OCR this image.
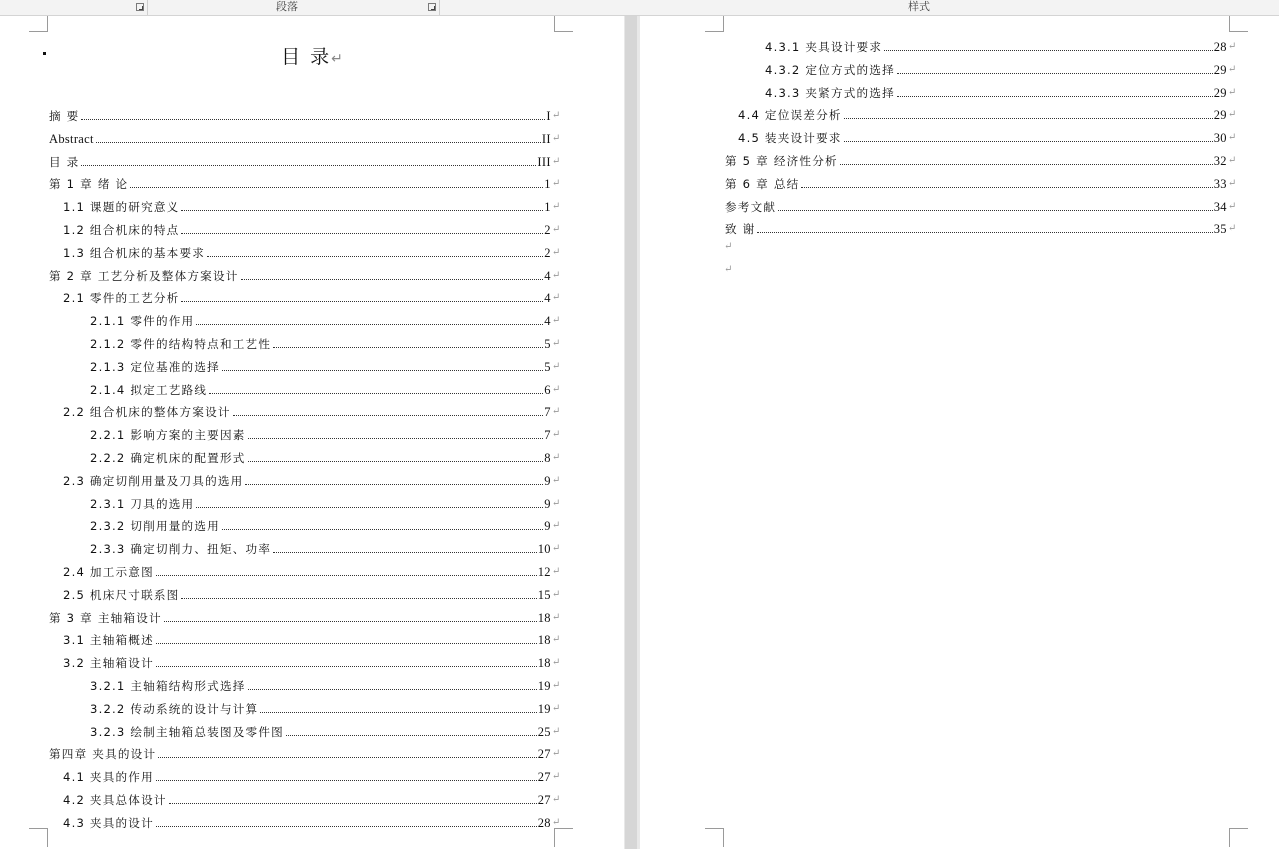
段落	样式
目 录↵
摘 要	I ↵
Abstract	II ↵
目 录	III ↵
第 1 章 绪 论	1 ↵
1.1 课题的研究意义	1 ↵
1.2 组合机床的特点	2 ↵
1.3 组合机床的基本要求	2 ↵
第 2 章 工艺分析及整体方案设计	4 ↵
2.1 零件的工艺分析	4 ↵
2.1.1 零件的作用	4 ↵
2.1.2 零件的结构特点和工艺性	5 ↵
2.1.3 定位基准的选择	5 ↵
2.1.4 拟定工艺路线	6 ↵
2.2 组合机床的整体方案设计	7 ↵
2.2.1 影响方案的主要因素	7 ↵
2.2.2 确定机床的配置形式	8 ↵
2.3 确定切削用量及刀具的选用	9 ↵
2.3.1 刀具的选用	9 ↵
2.3.2 切削用量的选用	9 ↵
2.3.3 确定切削力、扭矩、功率	10 ↵
2.4 加工示意图	12 ↵
2.5 机床尺寸联系图	15 ↵
第 3 章 主轴箱设计	18 ↵
3.1 主轴箱概述	18 ↵
3.2 主轴箱设计	18 ↵
3.2.1 主轴箱结构形式选择	19 ↵
3.2.2 传动系统的设计与计算	19 ↵
3.2.3 绘制主轴箱总装图及零件图	25 ↵
第四章 夹具的设计	27 ↵
4.1 夹具的作用	27 ↵
4.2 夹具总体设计	27 ↵
4.3 夹具的设计	28 ↵
4.3.1 夹具设计要求	28 ↵
4.3.2 定位方式的选择	29 ↵
4.3.3 夹紧方式的选择	29 ↵
4.4 定位误差分析	29 ↵
4.5 装夹设计要求	30 ↵
第 5 章 经济性分析	32 ↵
第 6 章 总结	33 ↵
参考文献	34 ↵
致 谢	35 ↵
↵
↵
